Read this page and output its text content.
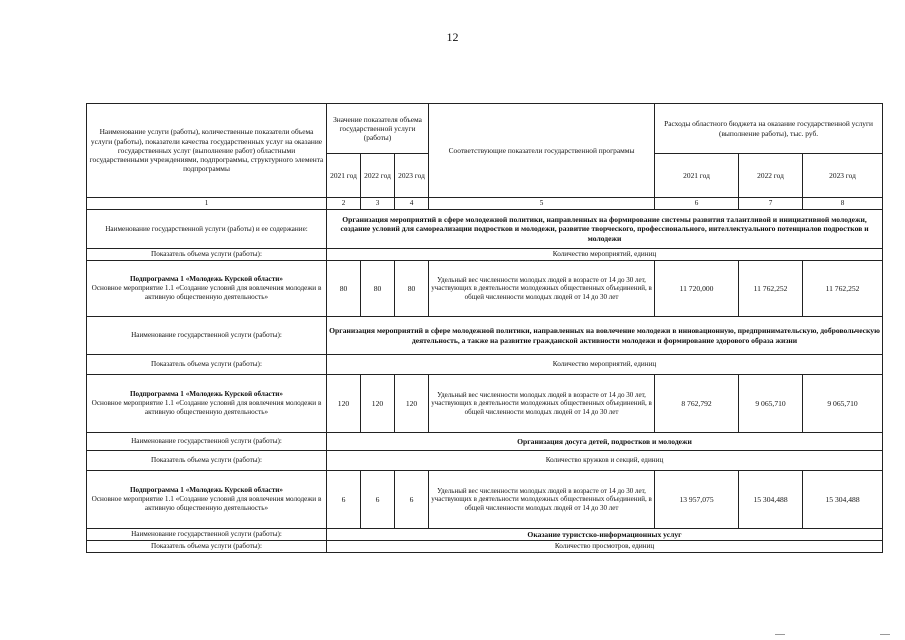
12
Наименование услуги (работы), количественные показатели объема услуги (работы), показатели качества государственных услуг на оказание государственных услуг (выполнение работ) областными государственными учреждениями, подпрограммы, структурного элемента подпрограммы	Значение показателя объема государственной услуги (работы)			Соответствующие показатели государственной программы	Расходы областного бюджета на оказание государственной услуги (выполнение работы), тыс. руб.		
	2021 год	2022 год	2023 год		2021 год	2022 год	2023 год
1	2	3	4	5	6	7	8
Наименование государственной услуги (работы) и ее содержание:	Организация мероприятий в сфере молодежной политики, направленных на формирование системы развития талантливой и инициативной молодежи, создание условий для самореализации подростков и молодежи, развитие творческого, профессионального, интеллектуального потенциалов подростков и молодежи						
Показатель объема услуги (работы):	Количество мероприятий, единиц						
Подпрограмма 1 «Молодежь Курской области»
Основное мероприятие 1.1 «Создание условий для вовлечения молодежи в активную общественную деятельность»	80	80	80	Удельный вес численности молодых людей в возрасте от 14 до 30 лет, участвующих в деятельности молодежных общественных объединений, в общей численности молодых людей от 14 до 30 лет	11 720,000	11 762,252	11 762,252
Наименование государственной услуги (работы):	Организация мероприятий в сфере молодежной политики, направленных на вовлечение молодежи в инновационную, предпринимательскую, добровольческую деятельность, а также на развитие гражданской активности молодежи и формирование здорового образа жизни						
Показатель объема услуги (работы):	Количество мероприятий, единиц						
Подпрограмма 1 «Молодежь Курской области»
Основное мероприятие 1.1 «Создание условий для вовлечения молодежи в активную общественную деятельность»	120	120	120	Удельный вес численности молодых людей в возрасте от 14 до 30 лет, участвующих в деятельности молодежных общественных объединений, в общей численности молодых людей от 14 до 30 лет	8 762,792	9 065,710	9 065,710
Наименование государственной услуги (работы):	Организация досуга детей, подростков и молодежи						
Показатель объема услуги (работы):	Количество кружков и секций, единиц						
Подпрограмма 1 «Молодежь Курской области»
Основное мероприятие 1.1 «Создание условий для вовлечения молодежи в активную общественную деятельность»	6	6	6	Удельный вес численности молодых людей в возрасте от 14 до 30 лет, участвующих в деятельности молодежных общественных объединений, в общей численности молодых людей от 14 до 30 лет	13 957,075	15 304,488	15 304,488
Наименование государственной услуги (работы):	Оказание туристско-информационных услуг						
Показатель объема услуги (работы):	Количество просмотров, единиц						
